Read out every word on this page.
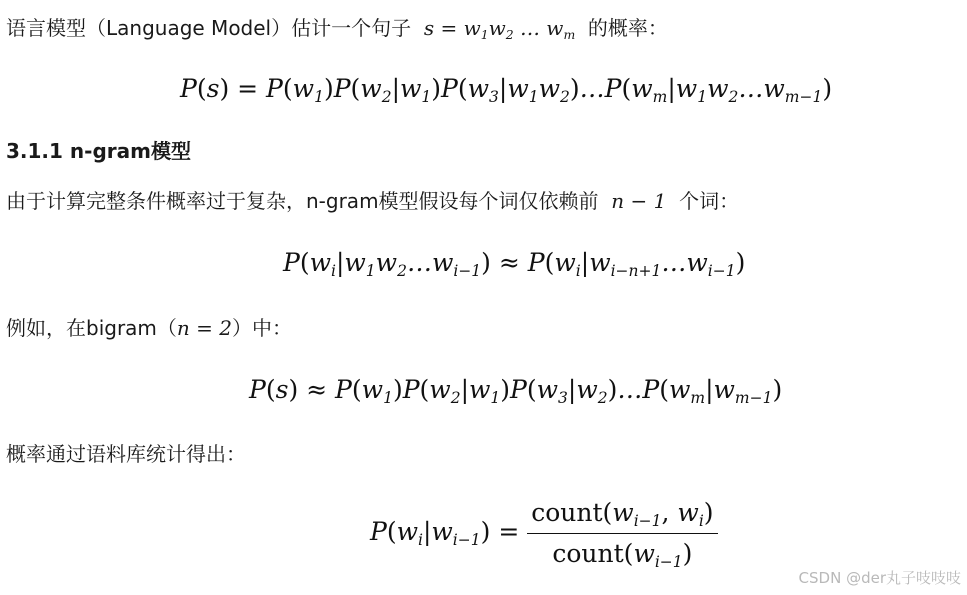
语言模型（Language Model）估计一个句子  $s = w_1w_2$ … $w_m$ 的概率：
$P(s) = P(w_1)P(w_2|w_1)P(w_3|w_1w_2)\dots P(w_m|w_1w_2\dots w_{m-1})$
3.1.1 n-gram模型
由于计算完整条件概率过于复杂，n-gram模型假设每个词仅依赖前  n − 1  个词：
$P(w_i|w_1w_2\dots w_{i-1})$ ≈ $P(w_i|w_{i-n+1}\dots w_{i-1})$
例如，在bigram（n = 2）中：
$P(s) \approx P(w_1)P(w_2|w_1)P(w_3|w_2)\dots P(w_m|w_{m-1})$
概率通过语料库统计得出：
$P(w_i|w_{i-1}) = \frac{count(w_{i-1}, w_i)}{count(w_{i-1})}$
CSDN @der丸子吱吱吱
